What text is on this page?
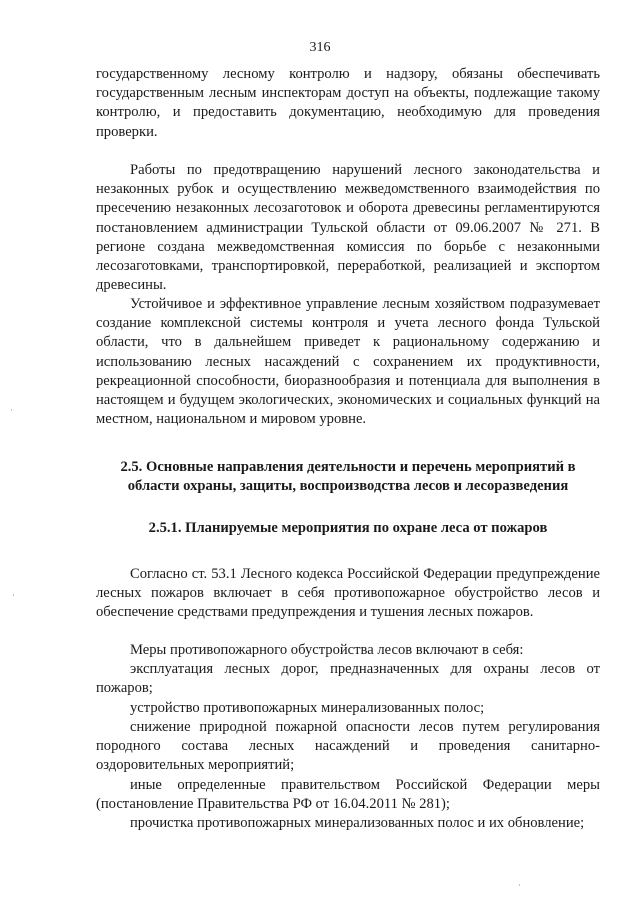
316

государственному лесному контролю и надзору, обязаны обеспечивать государственным лесным инспекторам доступ на объекты, подлежащие такому контролю, и предоставить документацию, необходимую для проведения проверки.

Работы по предотвращению нарушений лесного законодательства и незаконных рубок и осуществлению межведомственного взаимодействия по пресечению незаконных лесозаготовок и оборота древесины регламентируются постановлением администрации Тульской области от 09.06.2007 № 271. В регионе создана межведомственная комиссия по борьбе с незаконными лесозаготовками, транспортировкой, переработкой, реализацией и экспортом древесины.

Устойчивое и эффективное управление лесным хозяйством подразумевает создание комплексной системы контроля и учета лесного фонда Тульской области, что в дальнейшем приведет к рациональному содержанию и использованию лесных насаждений с сохранением их продуктивности, рекреационной способности, биоразнообразия и потенциала для выполнения в настоящем и будущем экологических, экономических и социальных функций на местном, национальном и мировом уровне.

2.5. Основные направления деятельности и перечень мероприятий в области охраны, защиты, воспроизводства лесов и лесоразведения

2.5.1. Планируемые мероприятия по охране леса от пожаров

Согласно ст. 53.1 Лесного кодекса Российской Федерации предупреждение лесных пожаров включает в себя противопожарное обустройство лесов и обеспечение средствами предупреждения и тушения лесных пожаров.

Меры противопожарного обустройства лесов включают в себя:

эксплуатация лесных дорог, предназначенных для охраны лесов от пожаров;

устройство противопожарных минерализованных полос;

снижение природной пожарной опасности лесов путем регулирования породного состава лесных насаждений и проведения санитарно-оздоровительных мероприятий;

иные определенные правительством Российской Федерации меры (постановление Правительства РФ от 16.04.2011 № 281);

прочистка противопожарных минерализованных полос и их обновление;

·
·
·
